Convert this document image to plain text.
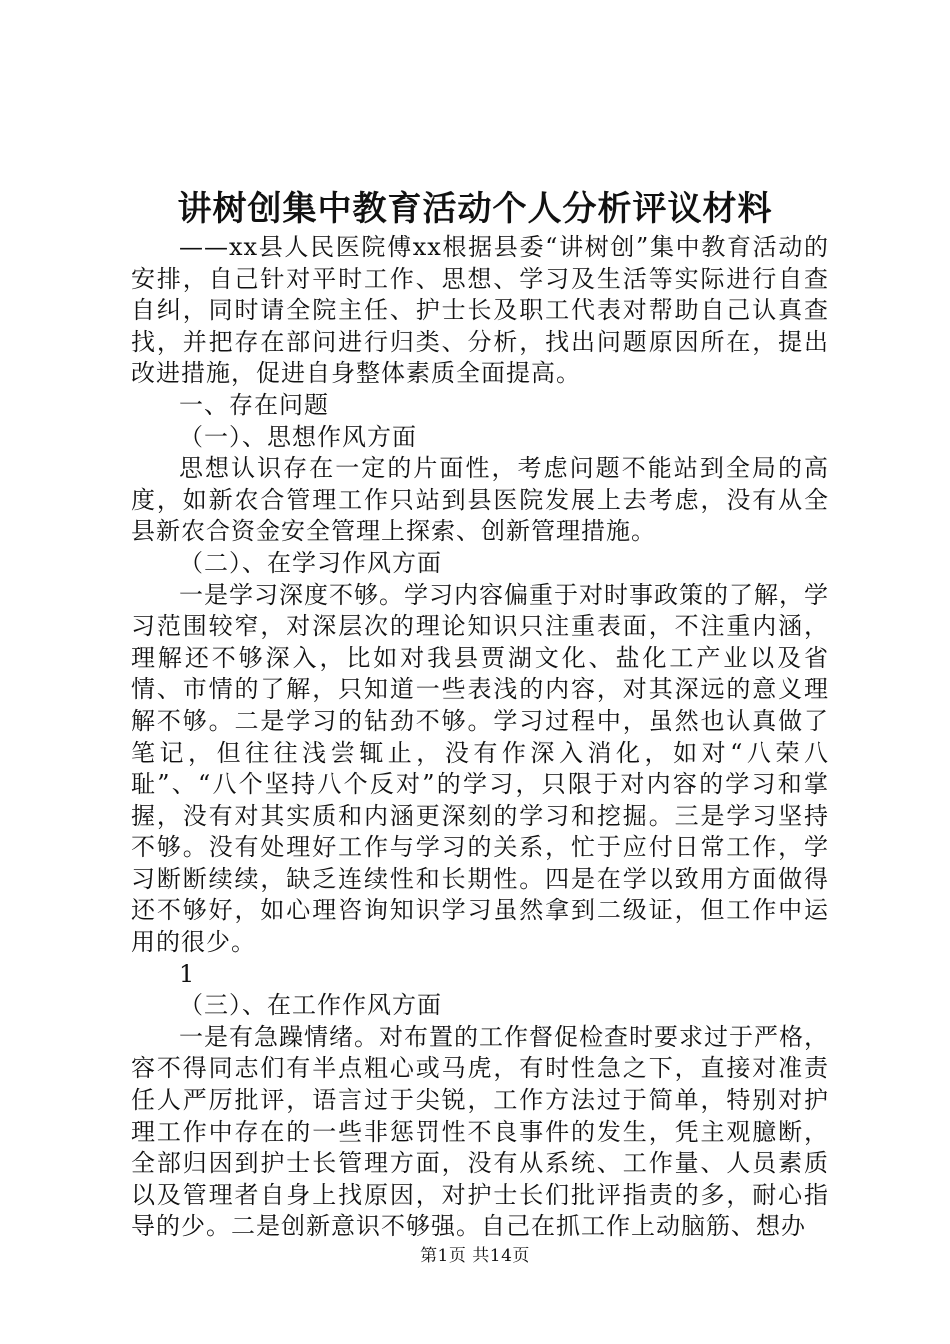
讲树创集中教育活动个人分析评议材料

——xx县人民医院傅xx根据县委“讲树创”集中教育活动的安排，自己针对平时工作、思想、学习及生活等实际进行自查自纠，同时请全院主任、护士长及职工代表对帮助自己认真查找，并把存在部问进行归类、分析，找出问题原因所在，提出改进措施，促进自身整体素质全面提高。

一、存在问题

（一）、思想作风方面

思想认识存在一定的片面性，考虑问题不能站到全局的高度，如新农合管理工作只站到县医院发展上去考虑，没有从全县新农合资金安全管理上探索、创新管理措施。

（二）、在学习作风方面

一是学习深度不够。学习内容偏重于对时事政策的了解，学习范围较窄，对深层次的理论知识只注重表面，不注重内涵，理解还不够深入，比如对我县贾湖文化、盐化工产业以及省情、市情的了解，只知道一些表浅的内容，对其深远的意义理解不够。二是学习的钻劲不够。学习过程中，虽然也认真做了笔记，但往往浅尝辄止，没有作深入消化，如对“八荣八耻”、“八个坚持八个反对”的学习，只限于对内容的学习和掌握，没有对其实质和内涵更深刻的学习和挖掘。三是学习坚持不够。没有处理好工作与学习的关系，忙于应付日常工作，学习断断续续，缺乏连续性和长期性。四是在学以致用方面做得还不够好，如心理咨询知识学习虽然拿到二级证，但工作中运用的很少。

1

（三）、在工作作风方面

一是有急躁情绪。对布置的工作督促检查时要求过于严格，容不得同志们有半点粗心或马虎，有时性急之下，直接对准责任人严厉批评，语言过于尖锐，工作方法过于简单，特别对护理工作中存在的一些非惩罚性不良事件的发生，凭主观臆断，全部归因到护士长管理方面，没有从系统、工作量、人员素质以及管理者自身上找原因，对护士长们批评指责的多，耐心指导的少。二是创新意识不够强。自己在抓工作上动脑筋、想办

第1页 共14页
